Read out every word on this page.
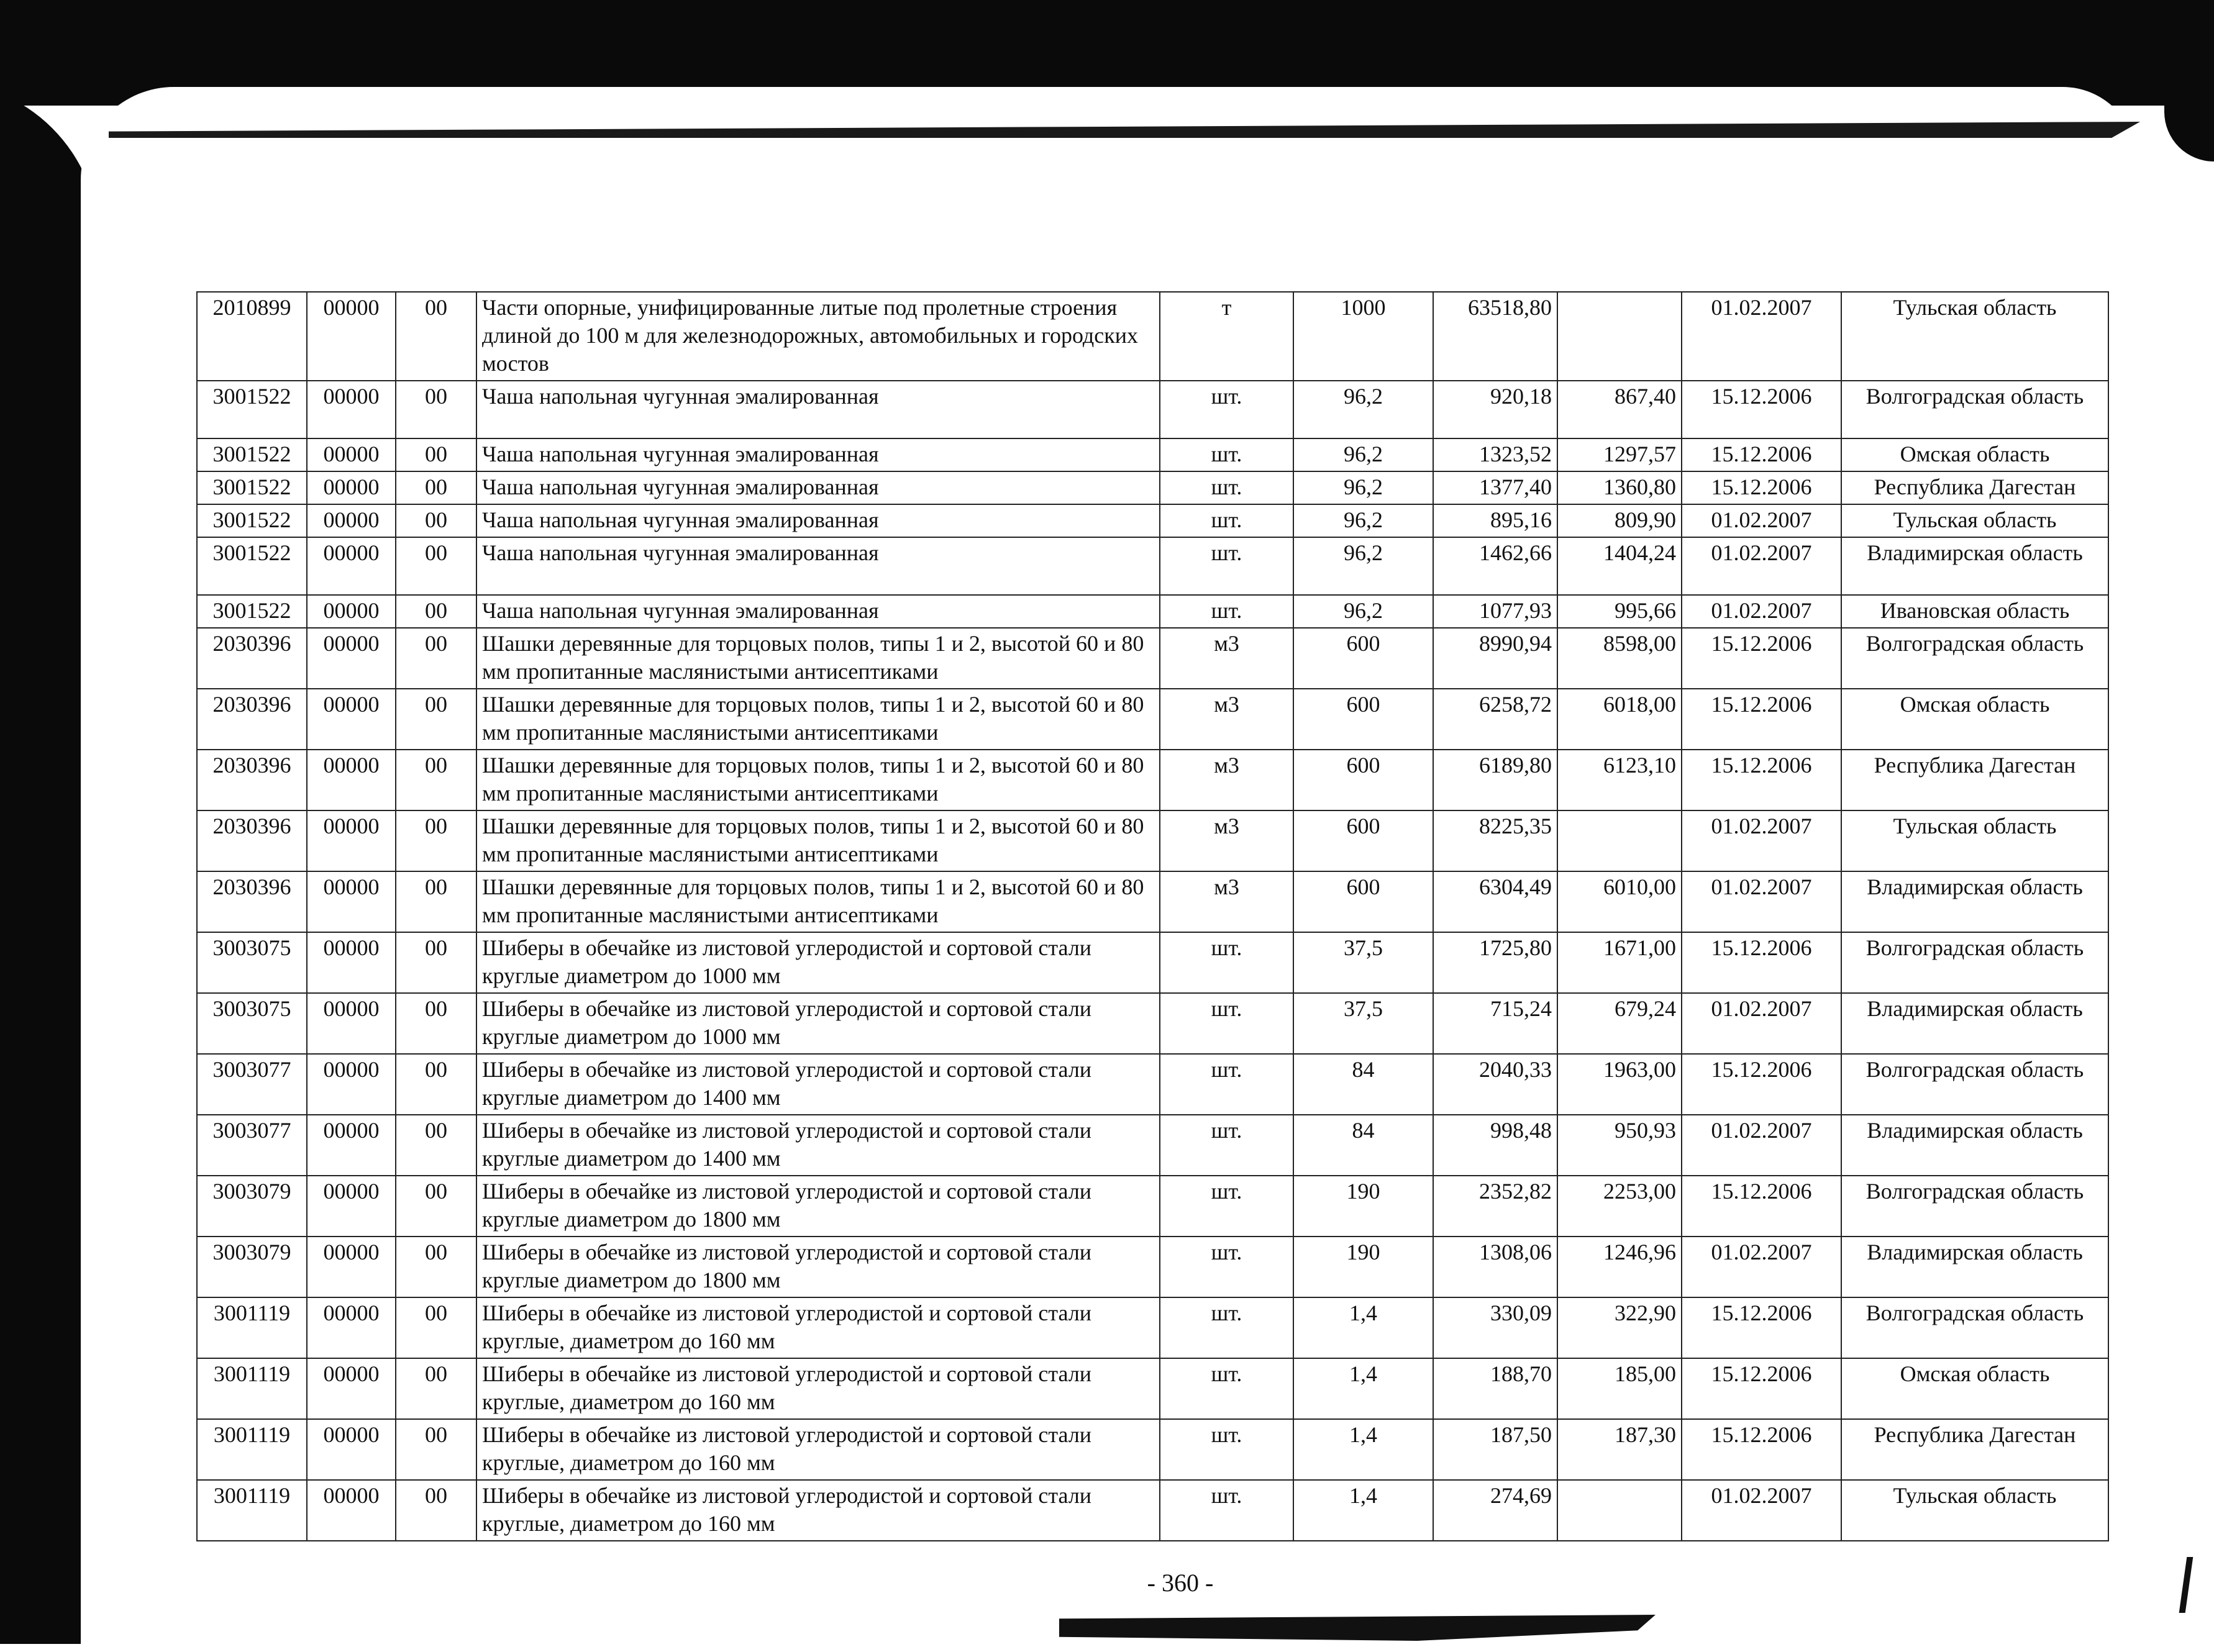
2010899	00000	00	Части опорные, унифицированные литые под пролетные строения длиной до 100 м для железнодорожных, автомобильных и городских мостов	т	1000	63518,80		01.02.2007	Тульская область
3001522	00000	00	Чаша напольная чугунная эмалированная	шт.	96,2	920,18	867,40	15.12.2006	Волгоградская область
3001522	00000	00	Чаша напольная чугунная эмалированная	шт.	96,2	1323,52	1297,57	15.12.2006	Омская область
3001522	00000	00	Чаша напольная чугунная эмалированная	шт.	96,2	1377,40	1360,80	15.12.2006	Республика Дагестан
3001522	00000	00	Чаша напольная чугунная эмалированная	шт.	96,2	895,16	809,90	01.02.2007	Тульская область
3001522	00000	00	Чаша напольная чугунная эмалированная	шт.	96,2	1462,66	1404,24	01.02.2007	Владимирская область
3001522	00000	00	Чаша напольная чугунная эмалированная	шт.	96,2	1077,93	995,66	01.02.2007	Ивановская область
2030396	00000	00	Шашки деревянные для торцовых полов, типы 1 и 2, высотой 60 и 80 мм пропитанные маслянистыми антисептиками	м3	600	8990,94	8598,00	15.12.2006	Волгоградская область
2030396	00000	00	Шашки деревянные для торцовых полов, типы 1 и 2, высотой 60 и 80 мм пропитанные маслянистыми антисептиками	м3	600	6258,72	6018,00	15.12.2006	Омская область
2030396	00000	00	Шашки деревянные для торцовых полов, типы 1 и 2, высотой 60 и 80 мм пропитанные маслянистыми антисептиками	м3	600	6189,80	6123,10	15.12.2006	Республика Дагестан
2030396	00000	00	Шашки деревянные для торцовых полов, типы 1 и 2, высотой 60 и 80 мм пропитанные маслянистыми антисептиками	м3	600	8225,35		01.02.2007	Тульская область
2030396	00000	00	Шашки деревянные для торцовых полов, типы 1 и 2, высотой 60 и 80 мм пропитанные маслянистыми антисептиками	м3	600	6304,49	6010,00	01.02.2007	Владимирская область
3003075	00000	00	Шиберы в обечайке из листовой углеродистой и сортовой стали круглые диаметром до 1000 мм	шт.	37,5	1725,80	1671,00	15.12.2006	Волгоградская область
3003075	00000	00	Шиберы в обечайке из листовой углеродистой и сортовой стали круглые диаметром до 1000 мм	шт.	37,5	715,24	679,24	01.02.2007	Владимирская область
3003077	00000	00	Шиберы в обечайке из листовой углеродистой и сортовой стали круглые диаметром до 1400 мм	шт.	84	2040,33	1963,00	15.12.2006	Волгоградская область
3003077	00000	00	Шиберы в обечайке из листовой углеродистой и сортовой стали круглые диаметром до 1400 мм	шт.	84	998,48	950,93	01.02.2007	Владимирская область
3003079	00000	00	Шиберы в обечайке из листовой углеродистой и сортовой стали круглые диаметром до 1800 мм	шт.	190	2352,82	2253,00	15.12.2006	Волгоградская область
3003079	00000	00	Шиберы в обечайке из листовой углеродистой и сортовой стали круглые диаметром до 1800 мм	шт.	190	1308,06	1246,96	01.02.2007	Владимирская область
3001119	00000	00	Шиберы в обечайке из листовой углеродистой и сортовой стали круглые, диаметром до 160 мм	шт.	1,4	330,09	322,90	15.12.2006	Волгоградская область
3001119	00000	00	Шиберы в обечайке из листовой углеродистой и сортовой стали круглые, диаметром до 160 мм	шт.	1,4	188,70	185,00	15.12.2006	Омская область
3001119	00000	00	Шиберы в обечайке из листовой углеродистой и сортовой стали круглые, диаметром до 160 мм	шт.	1,4	187,50	187,30	15.12.2006	Республика Дагестан
3001119	00000	00	Шиберы в обечайке из листовой углеродистой и сортовой стали круглые, диаметром до 160 мм	шт.	1,4	274,69		01.02.2007	Тульская область
- 360 -
